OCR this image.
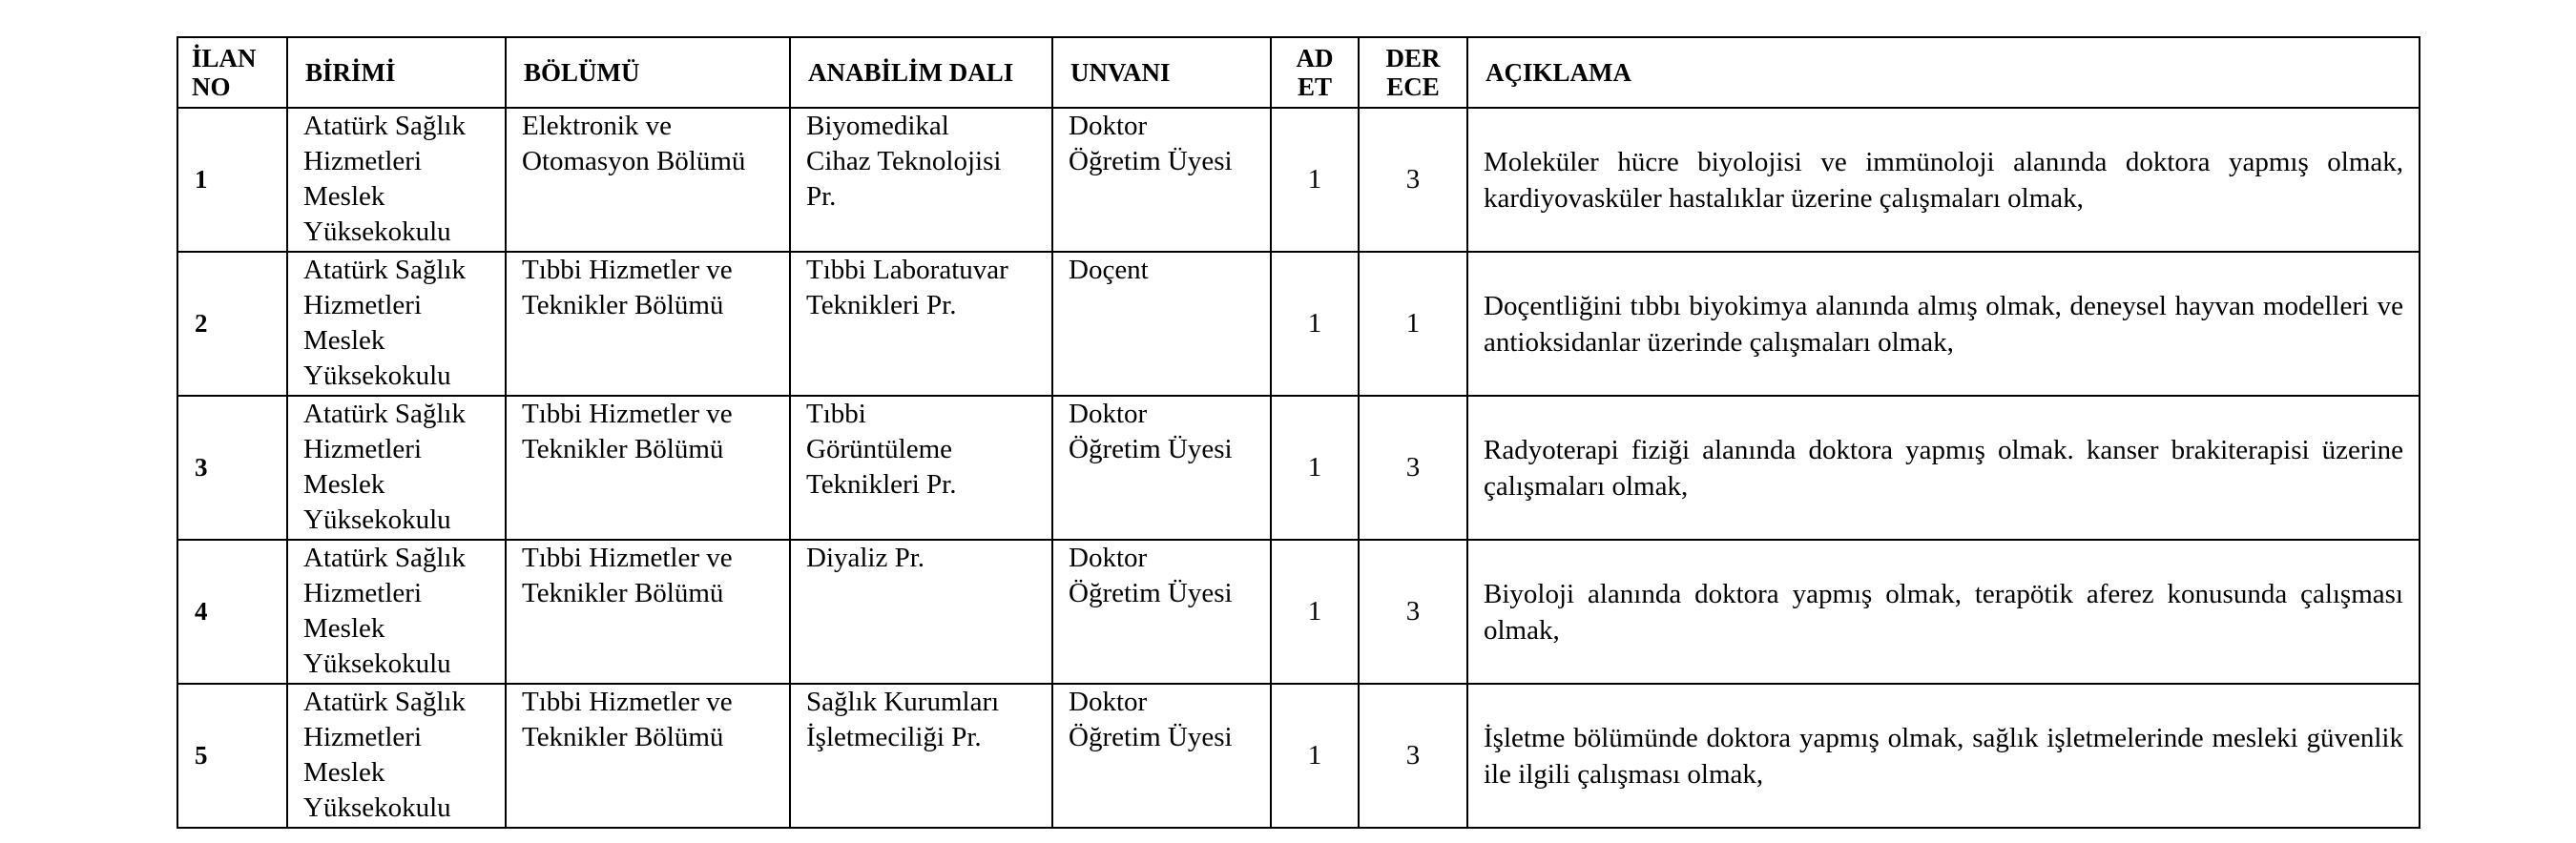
İLAN
NO	BİRİMİ	BÖLÜMÜ	ANABİLİM DALI	UNVANI	AD
ET	DER
ECE	AÇIKLAMA
1	Atatürk Sağlık
Hizmetleri
Meslek
Yüksekokulu	Elektronik ve
Otomasyon Bölümü	Biyomedikal
Cihaz Teknolojisi
Pr.	Doktor
Öğretim Üyesi	1	3	Moleküler hücre biyolojisi ve immünoloji alanında doktora yapmış olmak, kardiyovasküler hastalıklar üzerine çalışmaları olmak,
2	Atatürk Sağlık
Hizmetleri
Meslek
Yüksekokulu	Tıbbi Hizmetler ve
Teknikler Bölümü	Tıbbi Laboratuvar
Teknikleri Pr.	Doçent	1	1	Doçentliğini tıbbı biyokimya alanında almış olmak, deneysel hayvan modelleri ve antioksidanlar üzerinde çalışmaları olmak,
3	Atatürk Sağlık
Hizmetleri
Meslek
Yüksekokulu	Tıbbi Hizmetler ve
Teknikler Bölümü	Tıbbi
Görüntüleme
Teknikleri Pr.	Doktor
Öğretim Üyesi	1	3	Radyoterapi fiziği alanında doktora yapmış olmak. kanser brakiterapisi üzerine çalışmaları olmak,
4	Atatürk Sağlık
Hizmetleri
Meslek
Yüksekokulu	Tıbbi Hizmetler ve
Teknikler Bölümü	Diyaliz Pr.	Doktor
Öğretim Üyesi	1	3	Biyoloji alanında doktora yapmış olmak, terapötik aferez konusunda çalışması olmak,
5	Atatürk Sağlık
Hizmetleri
Meslek
Yüksekokulu	Tıbbi Hizmetler ve
Teknikler Bölümü	Sağlık Kurumları
İşletmeciliği Pr.	Doktor
Öğretim Üyesi	1	3	İşletme bölümünde doktora yapmış olmak, sağlık işletmelerinde mesleki güvenlik ile ilgili çalışması olmak,
